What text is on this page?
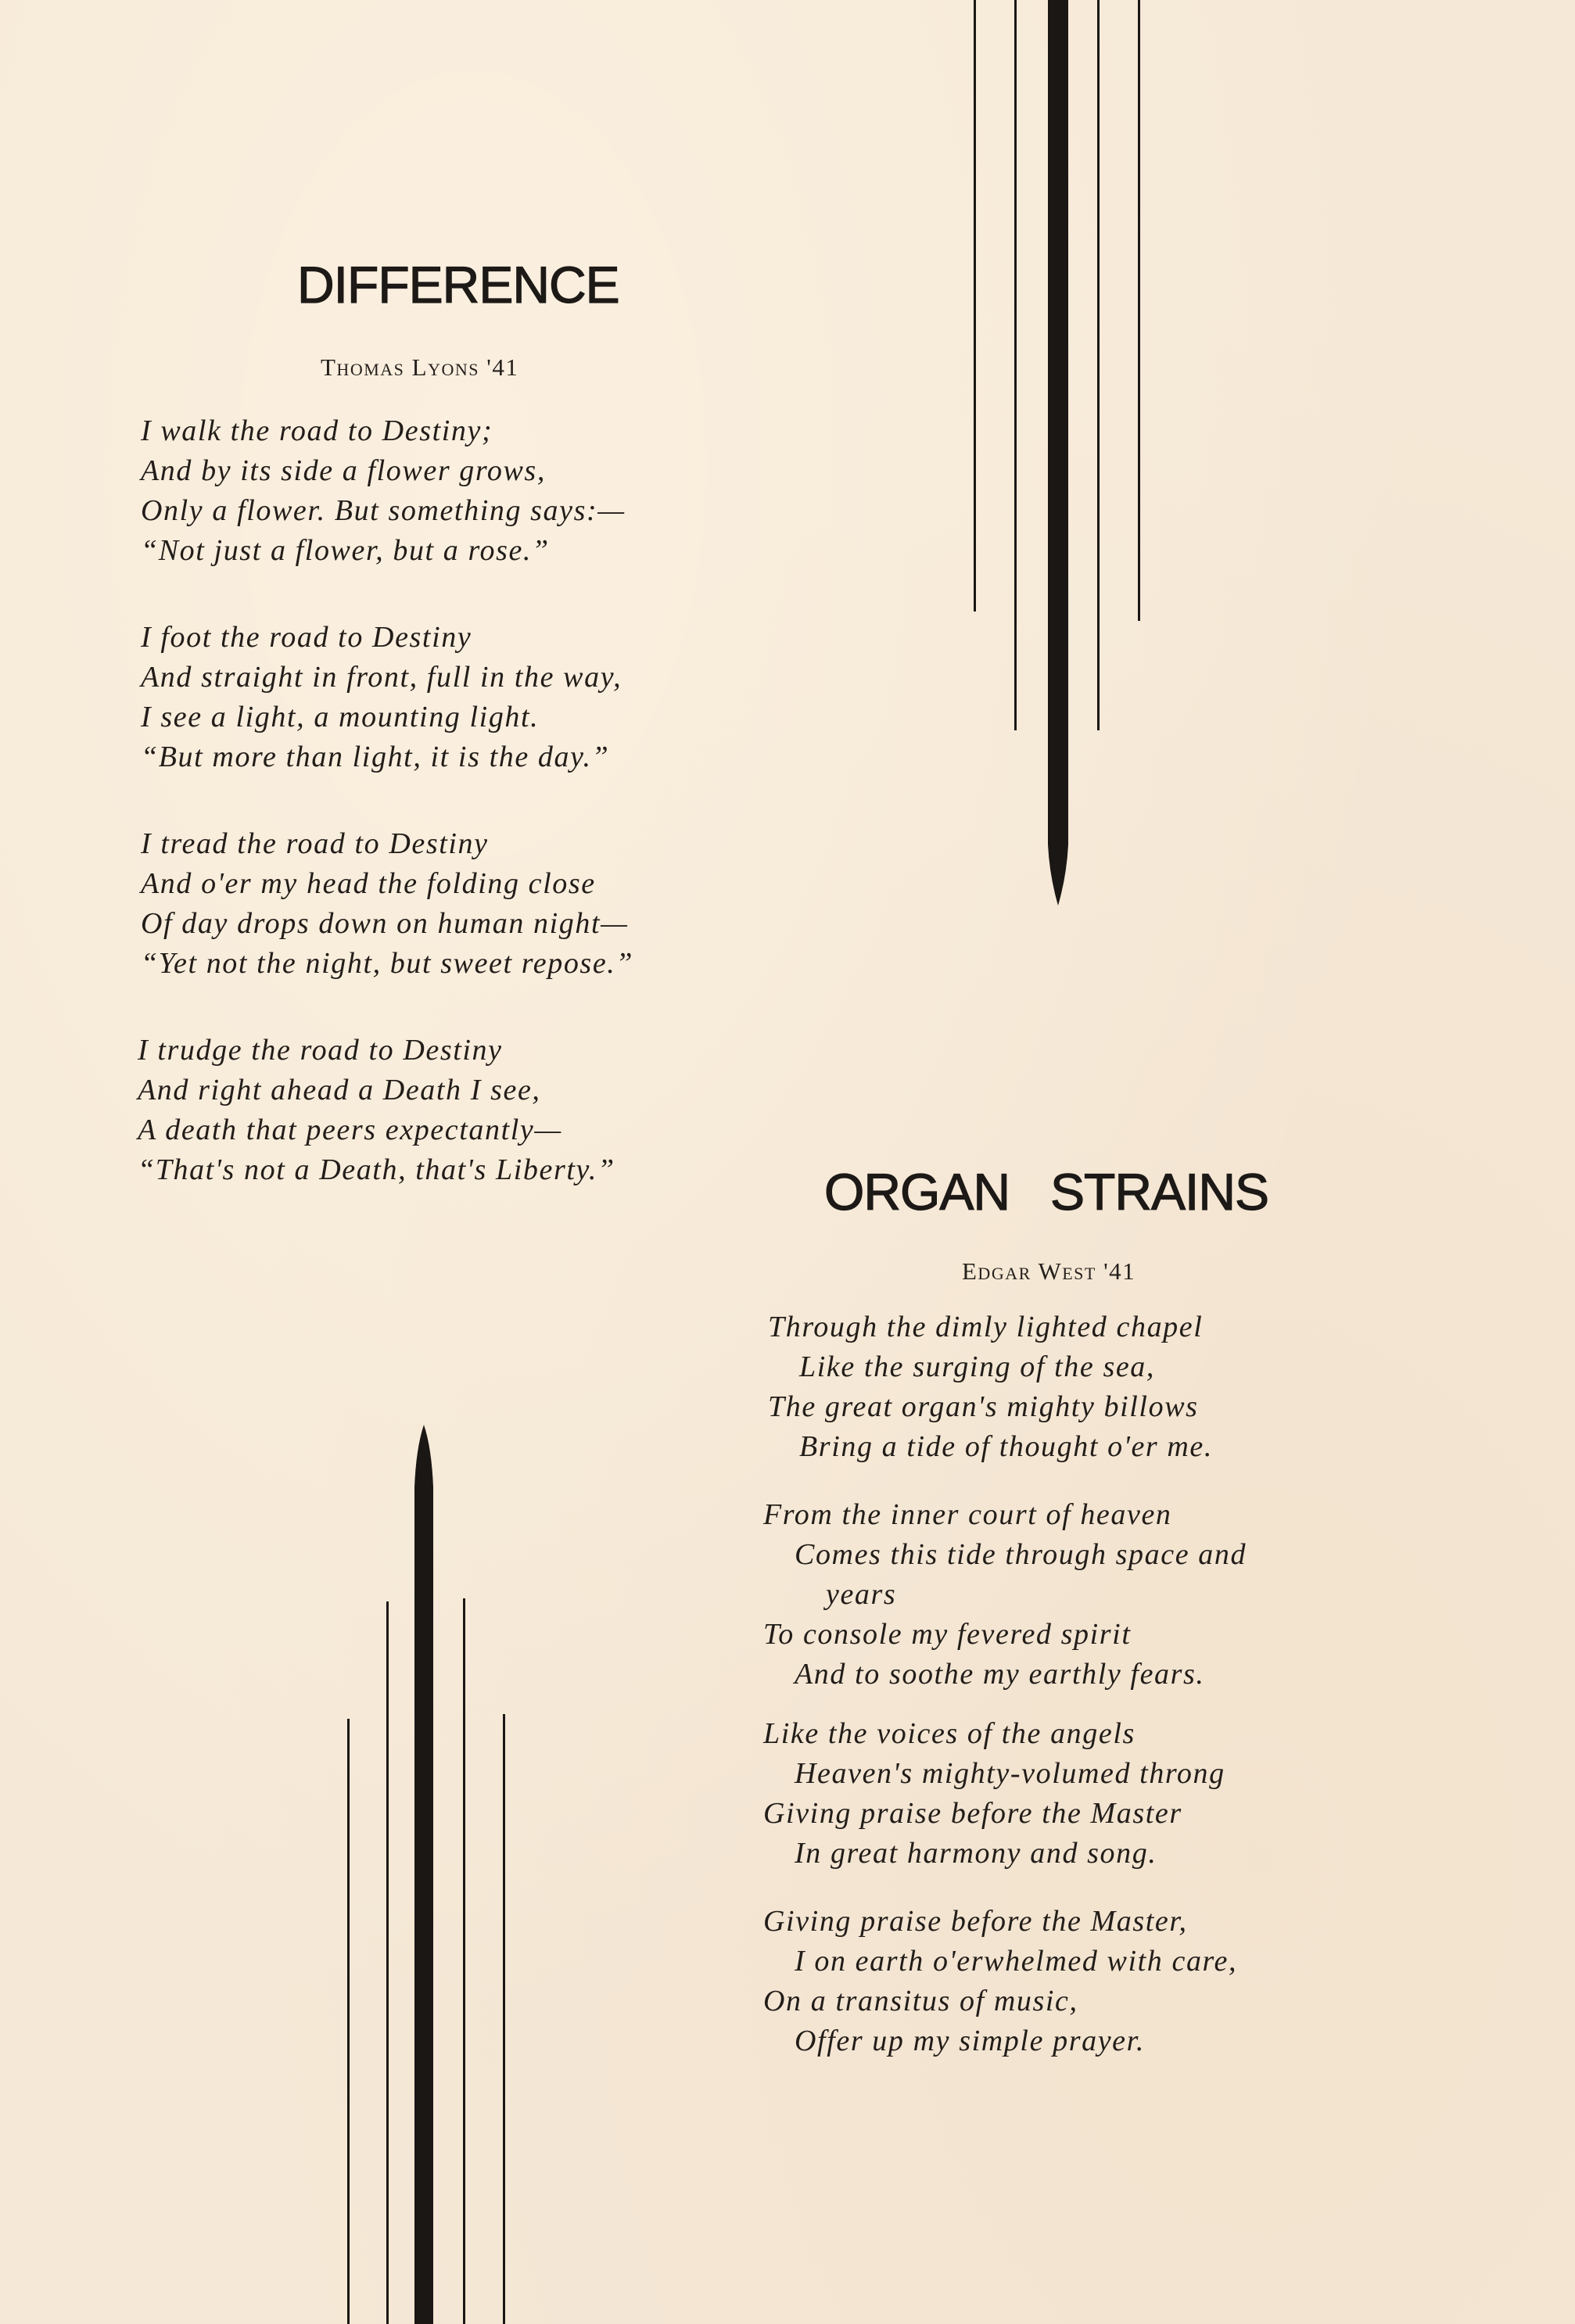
DIFFERENCE

Thomas Lyons '41

I walk the road to Destiny;
And by its side a flower grows,
Only a flower. But something says:—
“Not just a flower, but a rose.”
I foot the road to Destiny
And straight in front, full in the way,
I see a light, a mounting light.
“But more than light, it is the day.”
I tread the road to Destiny
And o'er my head the folding close
Of day drops down on human night—
“Yet not the night, but sweet repose.”
I trudge the road to Destiny
And right ahead a Death I see,
A death that peers expectantly—
“That's not a Death, that's Liberty.”	ORGAN   STRAINS

Edgar West '41

Through the dimly lighted chapel
Like the surging of the sea,
The great organ's mighty billows
Bring a tide of thought o'er me.
From the inner court of heaven
Comes this tide through space and
years
To console my fevered spirit
And to soothe my earthly fears.
Like the voices of the angels
Heaven's mighty-volumed throng
Giving praise before the Master
In great harmony and song.
Giving praise before the Master,
I on earth o'erwhelmed with care,
On a transitus of music,
Offer up my simple prayer.
